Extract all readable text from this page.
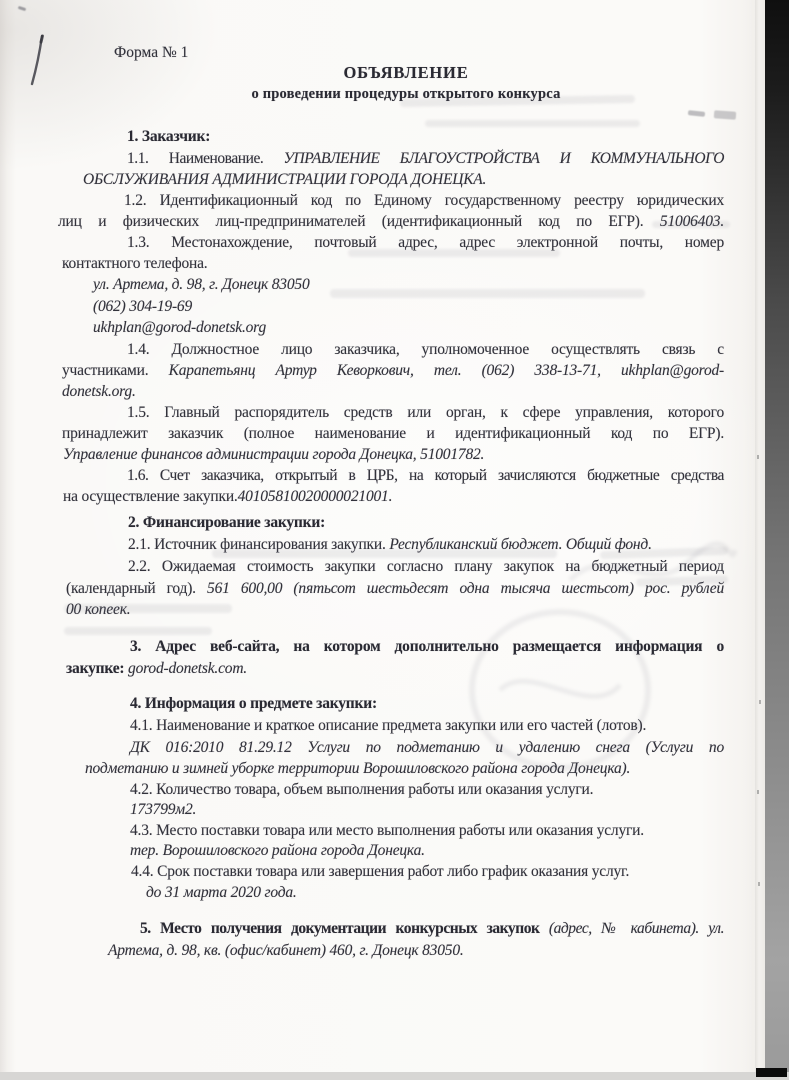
Форма № 1
ОБЪЯВЛЕНИЕ
о проведении процедуры открытого конкурса
1. Заказчик:
1.1. Наименование. УПРАВЛЕНИЕ БЛАГОУСТРОЙСТВА И КОММУНАЛЬНОГО
ОБСЛУЖИВАНИЯ АДМИНИСТРАЦИИ ГОРОДА ДОНЕЦКА.
1.2. Идентификационный код по Единому государственному реестру юридических
лиц и физических лиц-предпринимателей (идентификационный код по ЕГР). 51006403.
1.3. Местонахождение, почтовый адрес, адрес электронной почты, номер
контактного телефона.
ул. Артема, д. 98, г. Донецк 83050
(062) 304-19-69
ukhplan@gorod-donetsk.org
1.4. Должностное лицо заказчика, уполномоченное осуществлять связь с
участниками. Карапетьянц Артур Кеворкович, тел. (062) 338-13-71, ukhplan@gorod-
donetsk.org.
1.5. Главный распорядитель средств или орган, к сфере управления, которого
принадлежит заказчик (полное наименование и идентификационный код по ЕГР).
Управление финансов администрации города Донецка, 51001782.
1.6. Счет заказчика, открытый в ЦРБ, на который зачисляются бюджетные средства
на осуществление закупки.40105810020000021001.
2. Финансирование закупки:
2.1. Источник финансирования закупки. Республиканский бюджет. Общий фонд.
2.2. Ожидаемая стоимость закупки согласно плану закупок на бюджетный период
(календарный год). 561 600,00 (пятьсот шестьдесят одна тысяча шестьсот) рос. рублей
00 копеек.
3. Адрес веб-сайта, на котором дополнительно размещается информация о
закупке: gorod-donetsk.com.
4. Информация о предмете закупки:
4.1. Наименование и краткое описание предмета закупки или его частей (лотов).
ДК 016:2010 81.29.12 Услуги по подметанию и удалению снега (Услуги по
подметанию и зимней уборке территории Ворошиловского района города Донецка).
4.2. Количество товара, объем выполнения работы или оказания услуги.
173799м2.
4.3. Место поставки товара или место выполнения работы или оказания услуги.
тер. Ворошиловского района города Донецка.
4.4. Срок поставки товара или завершения работ либо график оказания услуг.
до 31 марта 2020 года.
5. Место получения документации конкурсных закупок (адрес, № кабинета). ул.
Артема, д. 98, кв. (офис/кабинет) 460, г. Донецк 83050.
